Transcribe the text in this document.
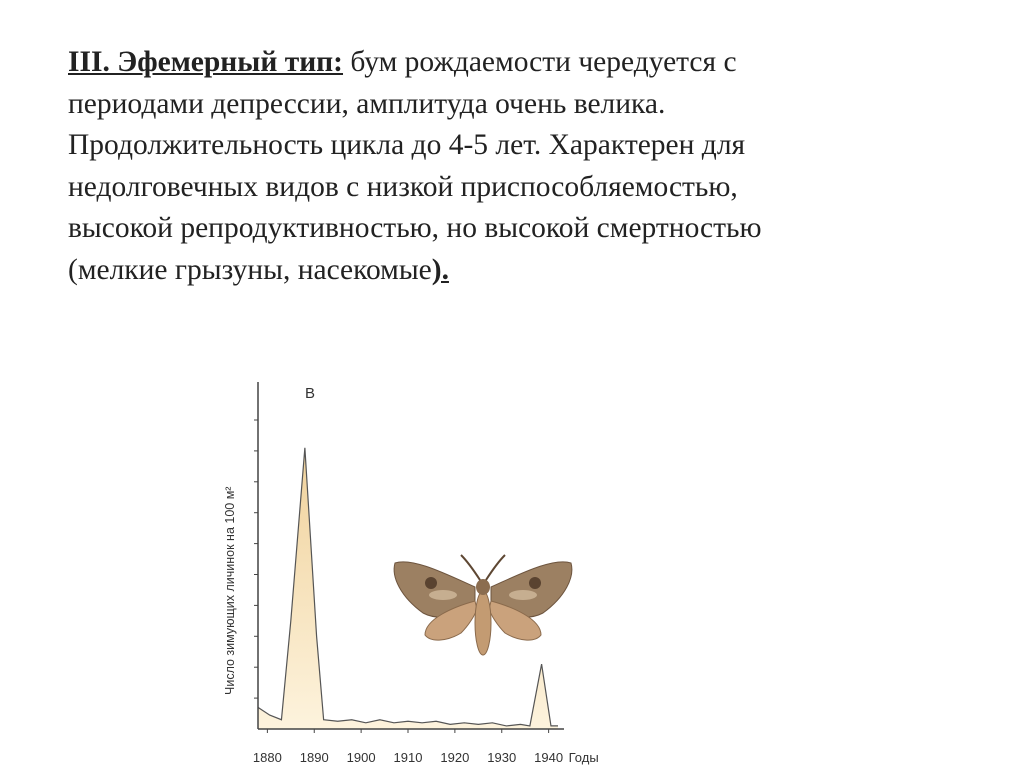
III. Эфемерный тип: бум рождаемости чередуется с
периодами депрессии, амплитуда очень велика.
Продолжительность цикла до 4-5 лет. Характерен для
недолговечных видов с низкой приспособляемостью,
высокой репродуктивностью, но высокой смертностью
(мелкие грызуны, насекомые).
1880 1890 1900 1910 1920 1930 1940 Годы
В
Число зимующих личинок на 100 м²
